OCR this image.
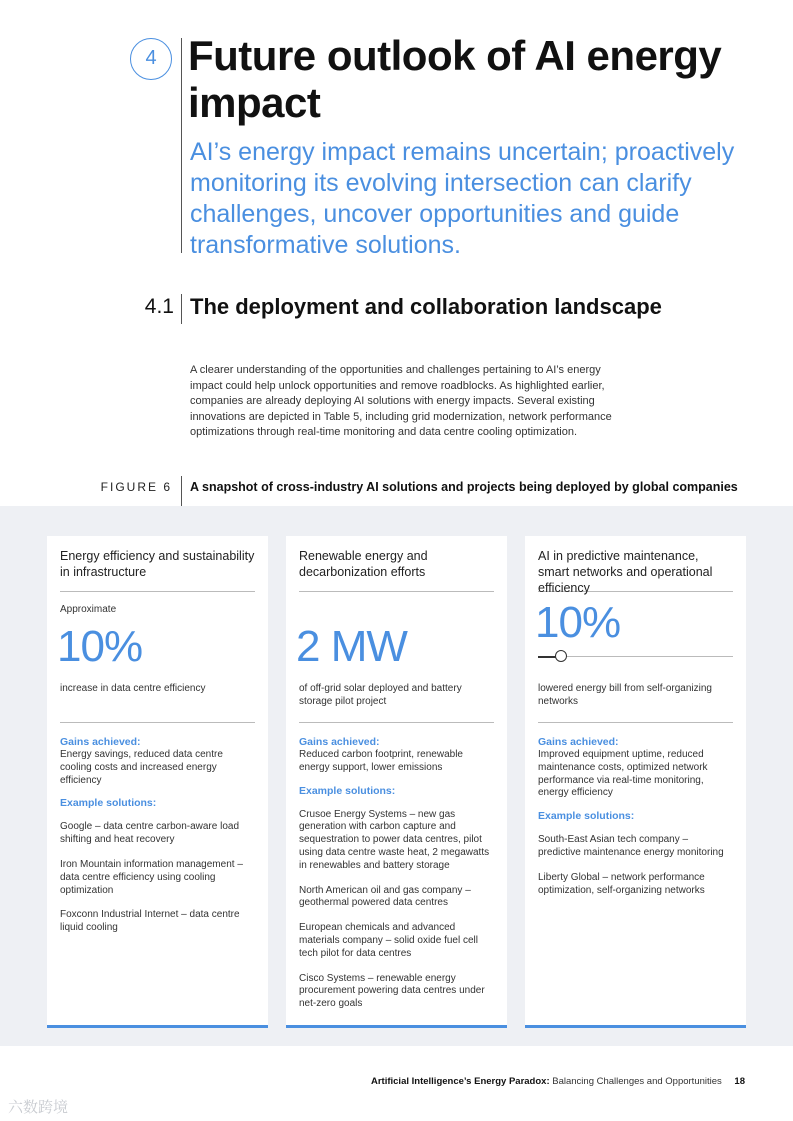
4 Future outlook of AI energy impact

AI’s energy impact remains uncertain; proactively monitoring its evolving intersection can clarify challenges, uncover opportunities and guide transformative solutions.

4.1 The deployment and collaboration landscape

A clearer understanding of the opportunities and challenges pertaining to AI’s energy impact could help unlock opportunities and remove roadblocks. As highlighted earlier, companies are already deploying AI solutions with energy impacts. Several existing innovations are depicted in Table 5, including grid modernization, network performance optimizations through real-time monitoring and data centre cooling optimization.

FIGURE 6 A snapshot of cross-industry AI solutions and projects being deployed by global companies
Energy efficiency and sustainability in infrastructure
Approximate
10%
increase in data centre efficiency
Gains achieved:
Energy savings, reduced data centre cooling costs and increased energy efficiency
Example solutions:
Google – data centre carbon-aware load shifting and heat recovery
Iron Mountain information management – data centre efficiency using cooling optimization
Foxconn Industrial Internet – data centre liquid cooling
Renewable energy and decarbonization efforts
2 MW
of off-grid solar deployed and battery storage pilot project
Gains achieved:
Reduced carbon footprint, renewable energy support, lower emissions
Example solutions:
Crusoe Energy Systems – new gas generation with carbon capture and sequestration to power data centres, pilot using data centre waste heat, 2 megawatts in renewables and battery storage
North American oil and gas company – geothermal powered data centres
European chemicals and advanced materials company – solid oxide fuel cell tech pilot for data centres
Cisco Systems – renewable energy procurement powering data centres under net-zero goals
AI in predictive maintenance, smart networks and operational efficiency
10%
lowered energy bill from self-organizing networks
Gains achieved:
Improved equipment uptime, reduced maintenance costs, optimized network performance via real-time monitoring, energy efficiency
Example solutions:
South-East Asian tech company – predictive maintenance energy monitoring
Liberty Global – network performance optimization, self-organizing networks
Artificial Intelligence’s Energy Paradox: Balancing Challenges and Opportunities 18
六数跨境
